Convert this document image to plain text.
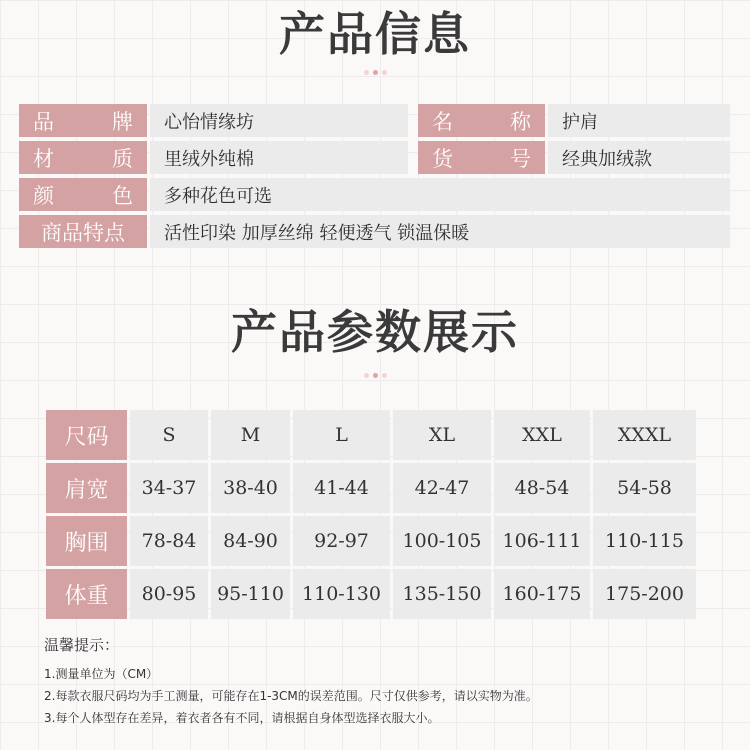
产品信息
品	牌	心怡情缘坊	名	称	护肩
材	质	里绒外纯棉	货	号	经典加绒款
颜	色	多种花色可选
商品特点	活性印染 加厚丝绵 轻便透气 锁温保暖
产品参数展示
尺码	S	M	L	XL	XXL	XXXL
肩宽	34-37	38-40	41-44	42-47	48-54	54-58
胸围	78-84	84-90	92-97	100-105	106-111	110-115
体重	80-95	95-110	110-130	135-150	160-175	175-200
温馨提示：
1.测量单位为（CM）
2.每款衣服尺码均为手工测量，可能存在1-3CM的误差范围。尺寸仅供参考，请以实物为准。
3.每个人体型存在差异，着衣者各有不同，请根据自身体型选择衣服大小。
